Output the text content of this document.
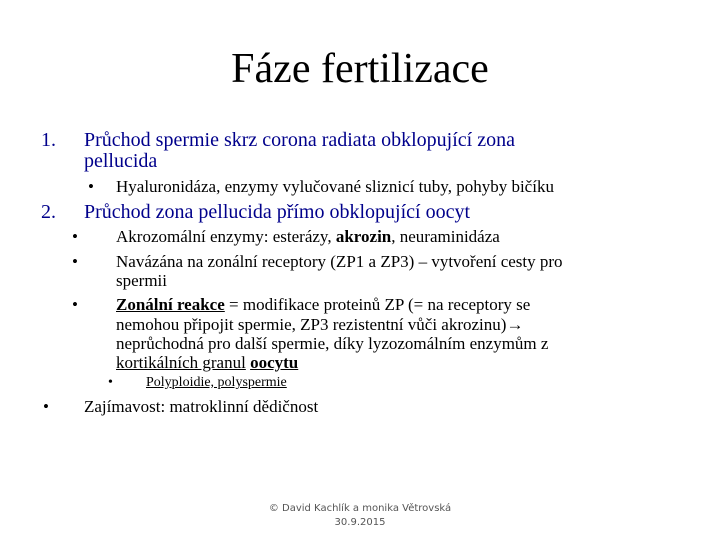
Fáze fertilizace
1. Průchod spermie skrz corona radiata obklopující zona
pellucida
• Hyaluronidáza, enzymy vylučované sliznicí tuby, pohyby bičíku
2. Průchod zona pellucida přímo obklopující oocyt
• Akrozomální enzymy: esterázy, akrozin, neuraminidáza
• Navázána na zonální receptory (ZP1 a ZP3) – vytvoření cesty pro
spermii
• Zonální reakce = modifikace proteinů ZP (= na receptory se
nemohou připojit spermie, ZP3 rezistentní vůči akrozinu)→
neprůchodná pro další spermie, díky lyzozomálním enzymům z
kortikálních granul oocytu
• Polyploidie, polyspermie
• Zajímavost: matroklinní dědičnost
© David Kachlík a monika Větrovská
30.9.2015
